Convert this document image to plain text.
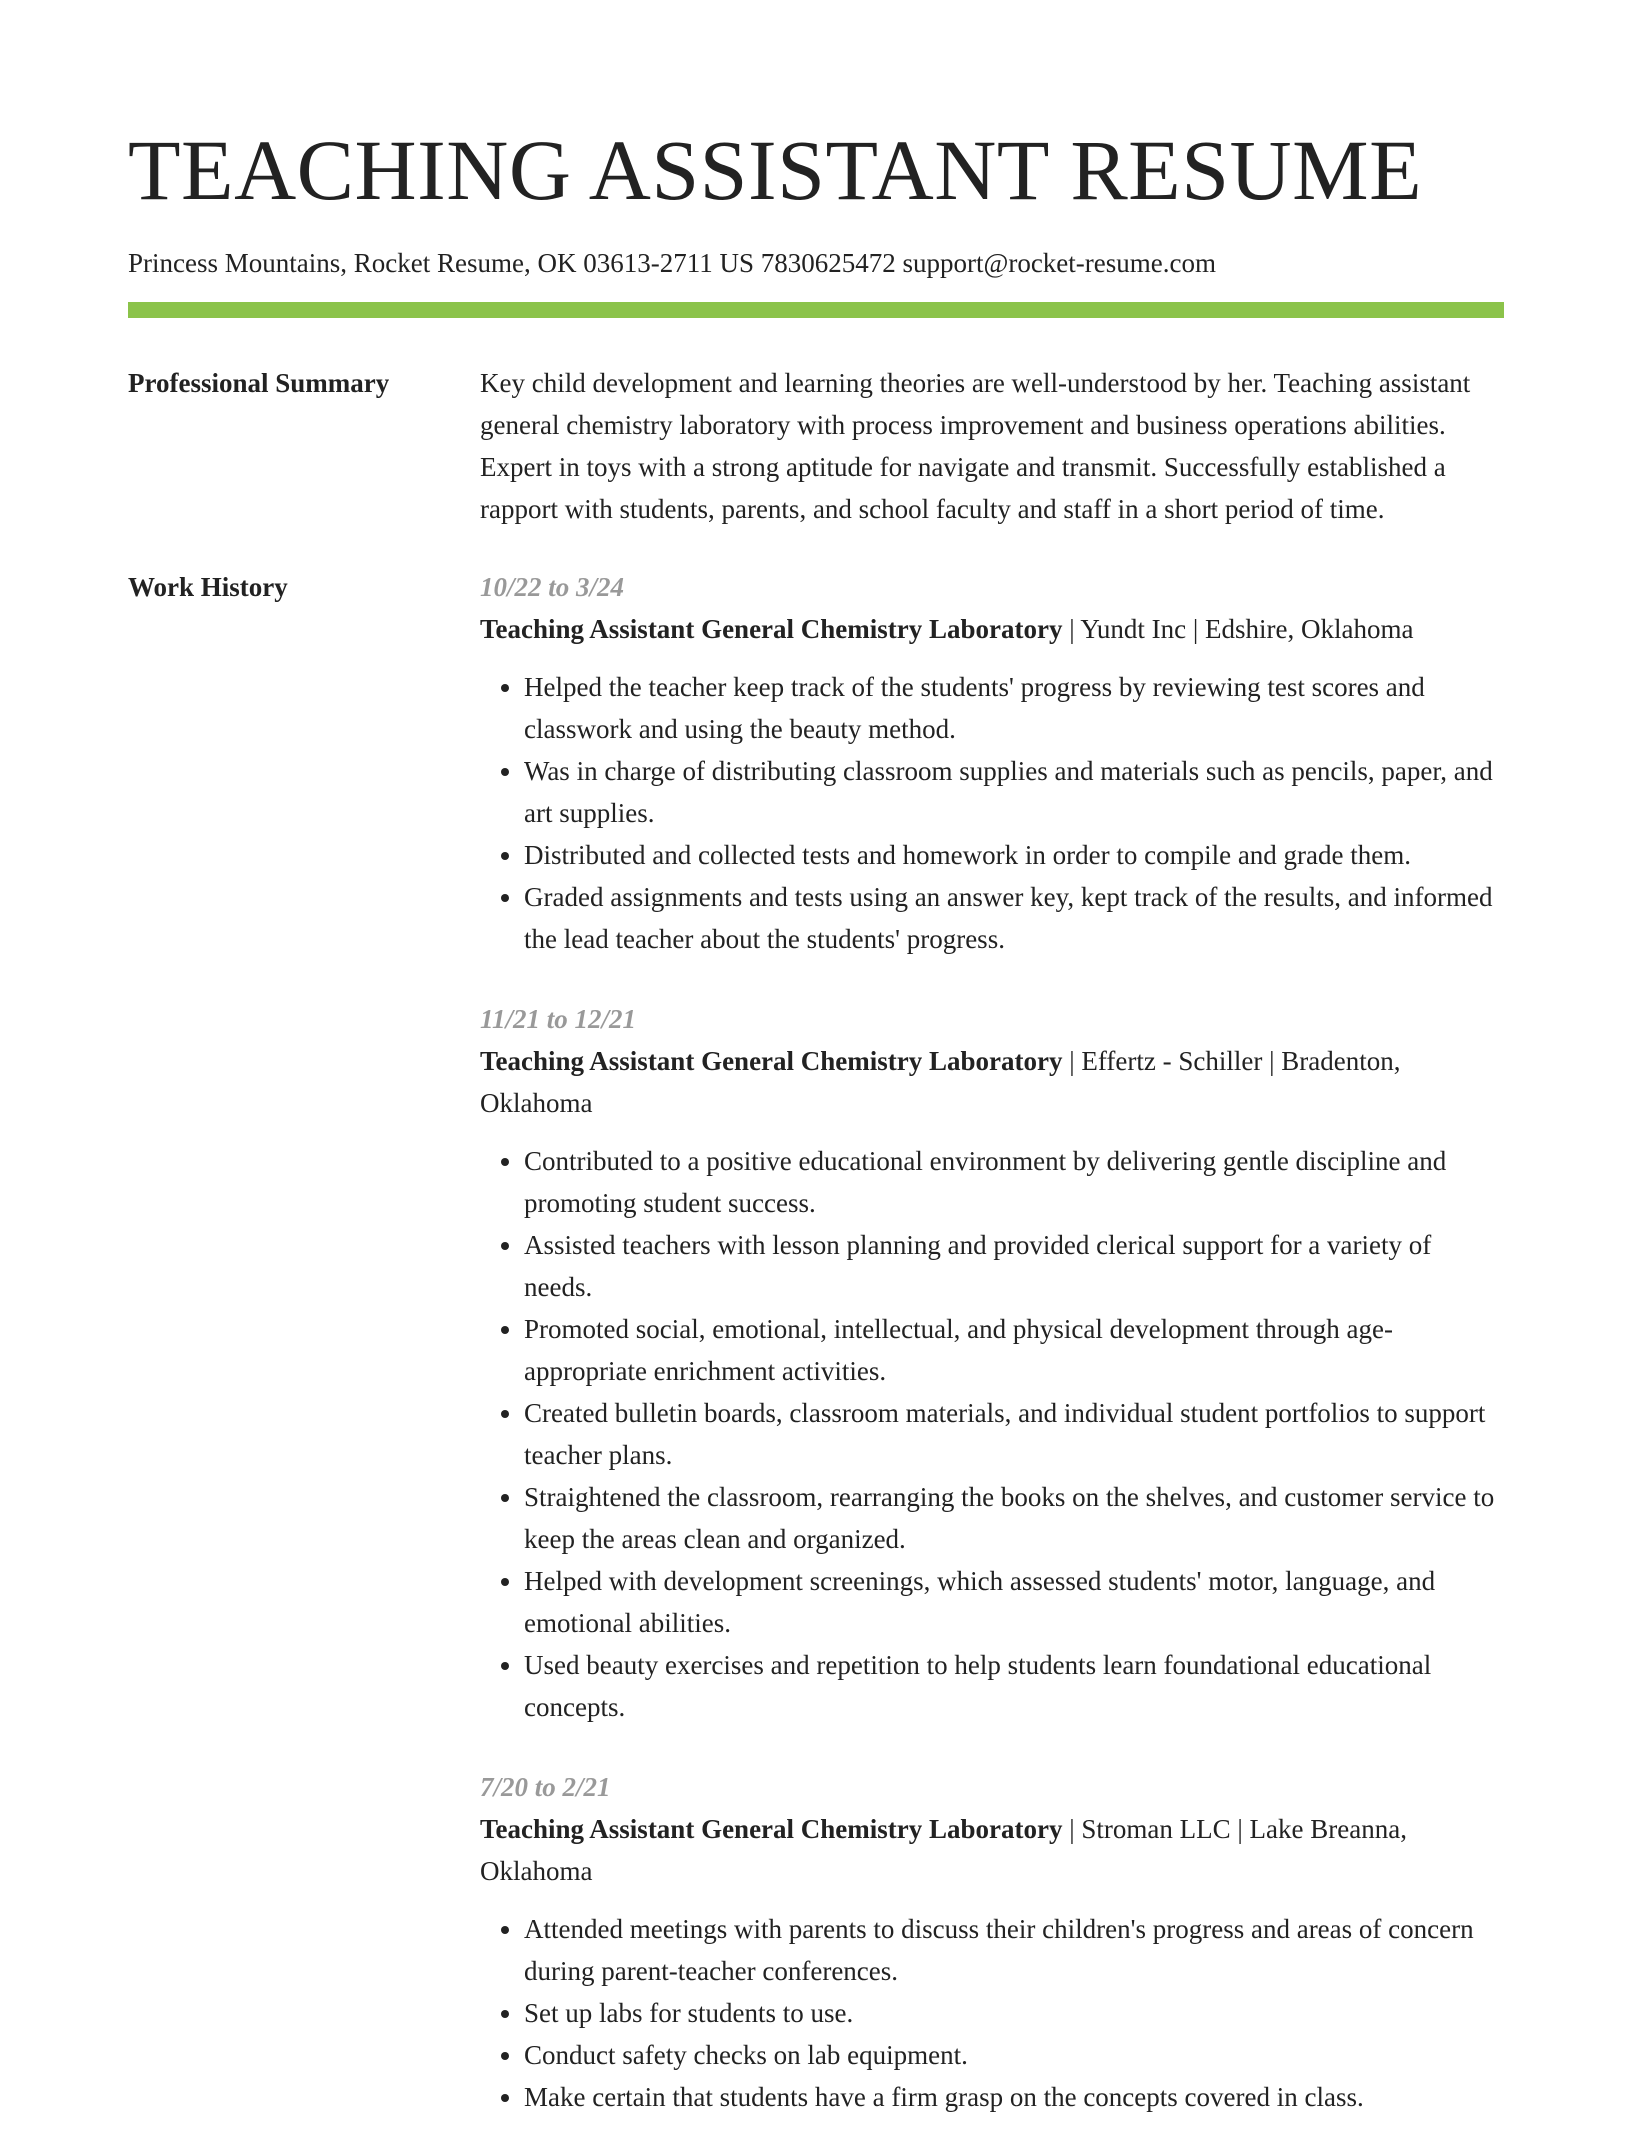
TEACHING ASSISTANT RESUME
Princess Mountains, Rocket Resume, OK 03613-2711 US 7830625472 support@rocket-resume.com
Professional Summary	Key child development and learning theories are well-understood by her. Teaching assistant general chemistry laboratory with process improvement and business operations abilities. Expert in toys with a strong aptitude for navigate and transmit. Successfully established a rapport with students, parents, and school faculty and staff in a short period of time.

Work History	10/22 to 3/24
Teaching Assistant General Chemistry Laboratory | Yundt Inc | Edshire, Oklahoma
• Helped the teacher keep track of the students' progress by reviewing test scores and classwork and using the beauty method.
• Was in charge of distributing classroom supplies and materials such as pencils, paper, and art supplies.
• Distributed and collected tests and homework in order to compile and grade them.
• Graded assignments and tests using an answer key, kept track of the results, and informed the lead teacher about the students' progress.
11/21 to 12/21
Teaching Assistant General Chemistry Laboratory | Effertz - Schiller | Bradenton, Oklahoma
• Contributed to a positive educational environment by delivering gentle discipline and promoting student success.
• Assisted teachers with lesson planning and provided clerical support for a variety of needs.
• Promoted social, emotional, intellectual, and physical development through age-appropriate enrichment activities.
• Created bulletin boards, classroom materials, and individual student portfolios to support teacher plans.
• Straightened the classroom, rearranging the books on the shelves, and customer service to keep the areas clean and organized.
• Helped with development screenings, which assessed students' motor, language, and emotional abilities.
• Used beauty exercises and repetition to help students learn foundational educational concepts.
7/20 to 2/21
Teaching Assistant General Chemistry Laboratory | Stroman LLC | Lake Breanna, Oklahoma
• Attended meetings with parents to discuss their children's progress and areas of concern during parent-teacher conferences.
• Set up labs for students to use.
• Conduct safety checks on lab equipment.
• Make certain that students have a firm grasp on the concepts covered in class.
